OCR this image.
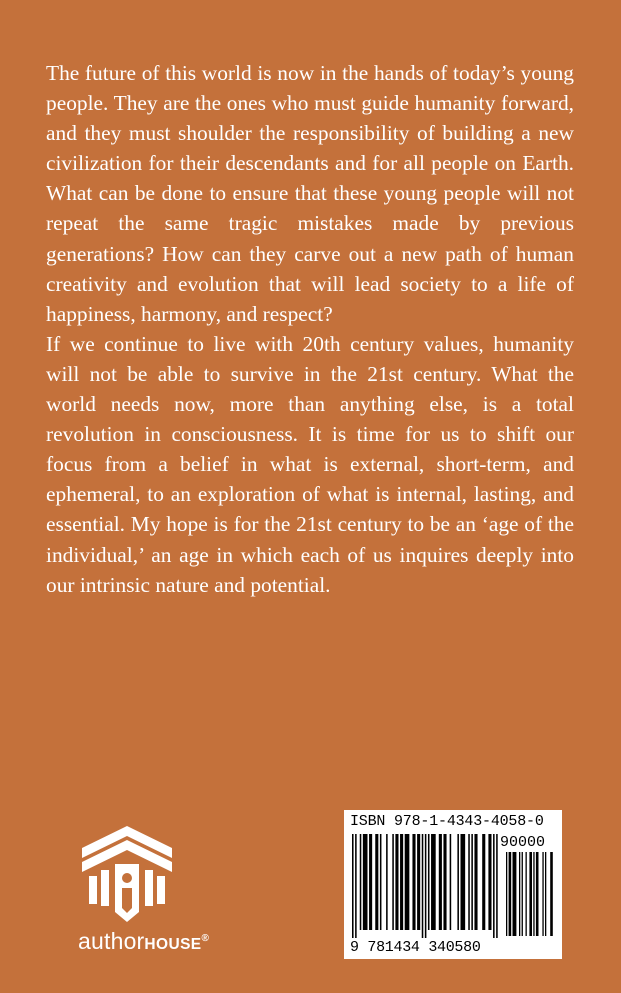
The future of this world is now in the hands of today’s young people. They are the ones who must guide humanity forward, and they must shoulder the responsibility of building a new civilization for their descendants and for all people on Earth. What can be done to ensure that these young people will not repeat the same tragic mistakes made by previous generations? How can they carve out a new path of human creativity and evolution that will lead society to a life of happiness, harmony, and respect?

If we continue to live with 20th century values, humanity will not be able to survive in the 21st century. What the world needs now, more than anything else, is a total revolution in consciousness. It is time for us to shift our focus from a belief in what is external, short-term, and ephemeral, to an exploration of what is internal, lasting, and essential. My hope is for the 21st century to be an ‘age of the individual,’ an age in which each of us inquires deeply into our intrinsic nature and potential.

authorHOUSE®
ISBN 978-1-4343-4058-0
90000
9 781434 340580
